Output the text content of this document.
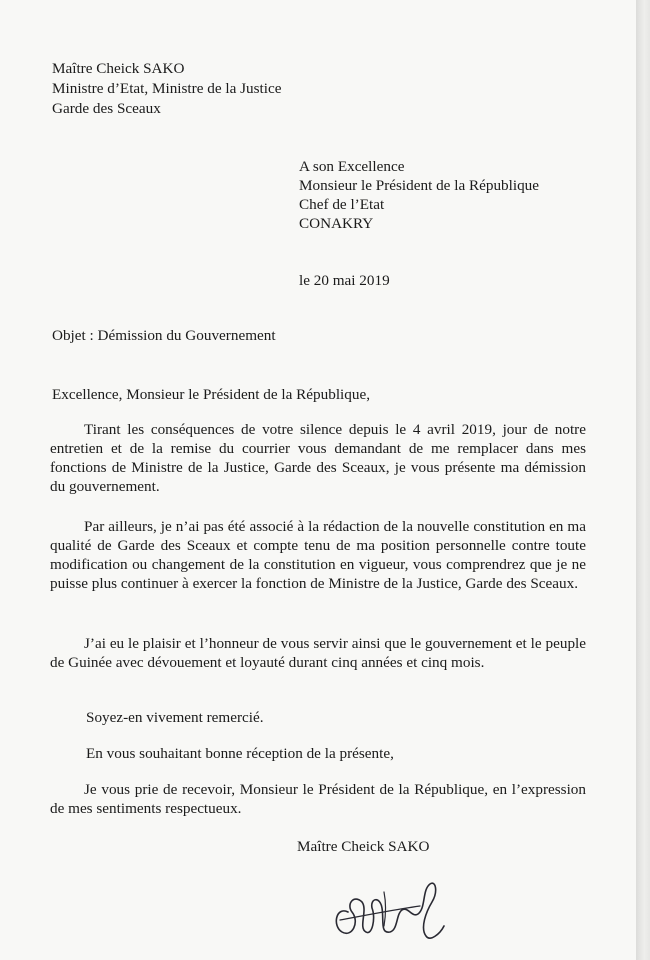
Maître Cheick SAKO
Ministre d’Etat, Ministre de la Justice
Garde des Sceaux
A son Excellence
Monsieur le Président de la République
Chef de l’Etat
CONAKRY
le 20 mai 2019
Objet : Démission du Gouvernement
Excellence, Monsieur le Président de la République,
Tirant les conséquences de votre silence depuis le 4 avril 2019, jour de notre entretien et de la remise du courrier vous demandant de me remplacer dans mes fonctions de Ministre de la Justice, Garde des Sceaux, je vous présente ma démission du gouvernement.
Par ailleurs, je n’ai pas été associé à la rédaction de la nouvelle constitution en ma qualité de Garde des Sceaux et compte tenu de ma position personnelle contre toute modification ou changement de la constitution en vigueur, vous comprendrez que je ne puisse plus continuer à exercer la fonction de Ministre de la Justice, Garde des Sceaux.
J’ai eu le plaisir et l’honneur de vous servir ainsi que le gouvernement et le peuple de Guinée avec dévouement et loyauté durant cinq années et cinq mois.
Soyez-en vivement remercié.
En vous souhaitant bonne réception de la présente,
Je vous prie de recevoir, Monsieur le Président de la République, en l’expression de mes sentiments respectueux.
Maître Cheick SAKO
